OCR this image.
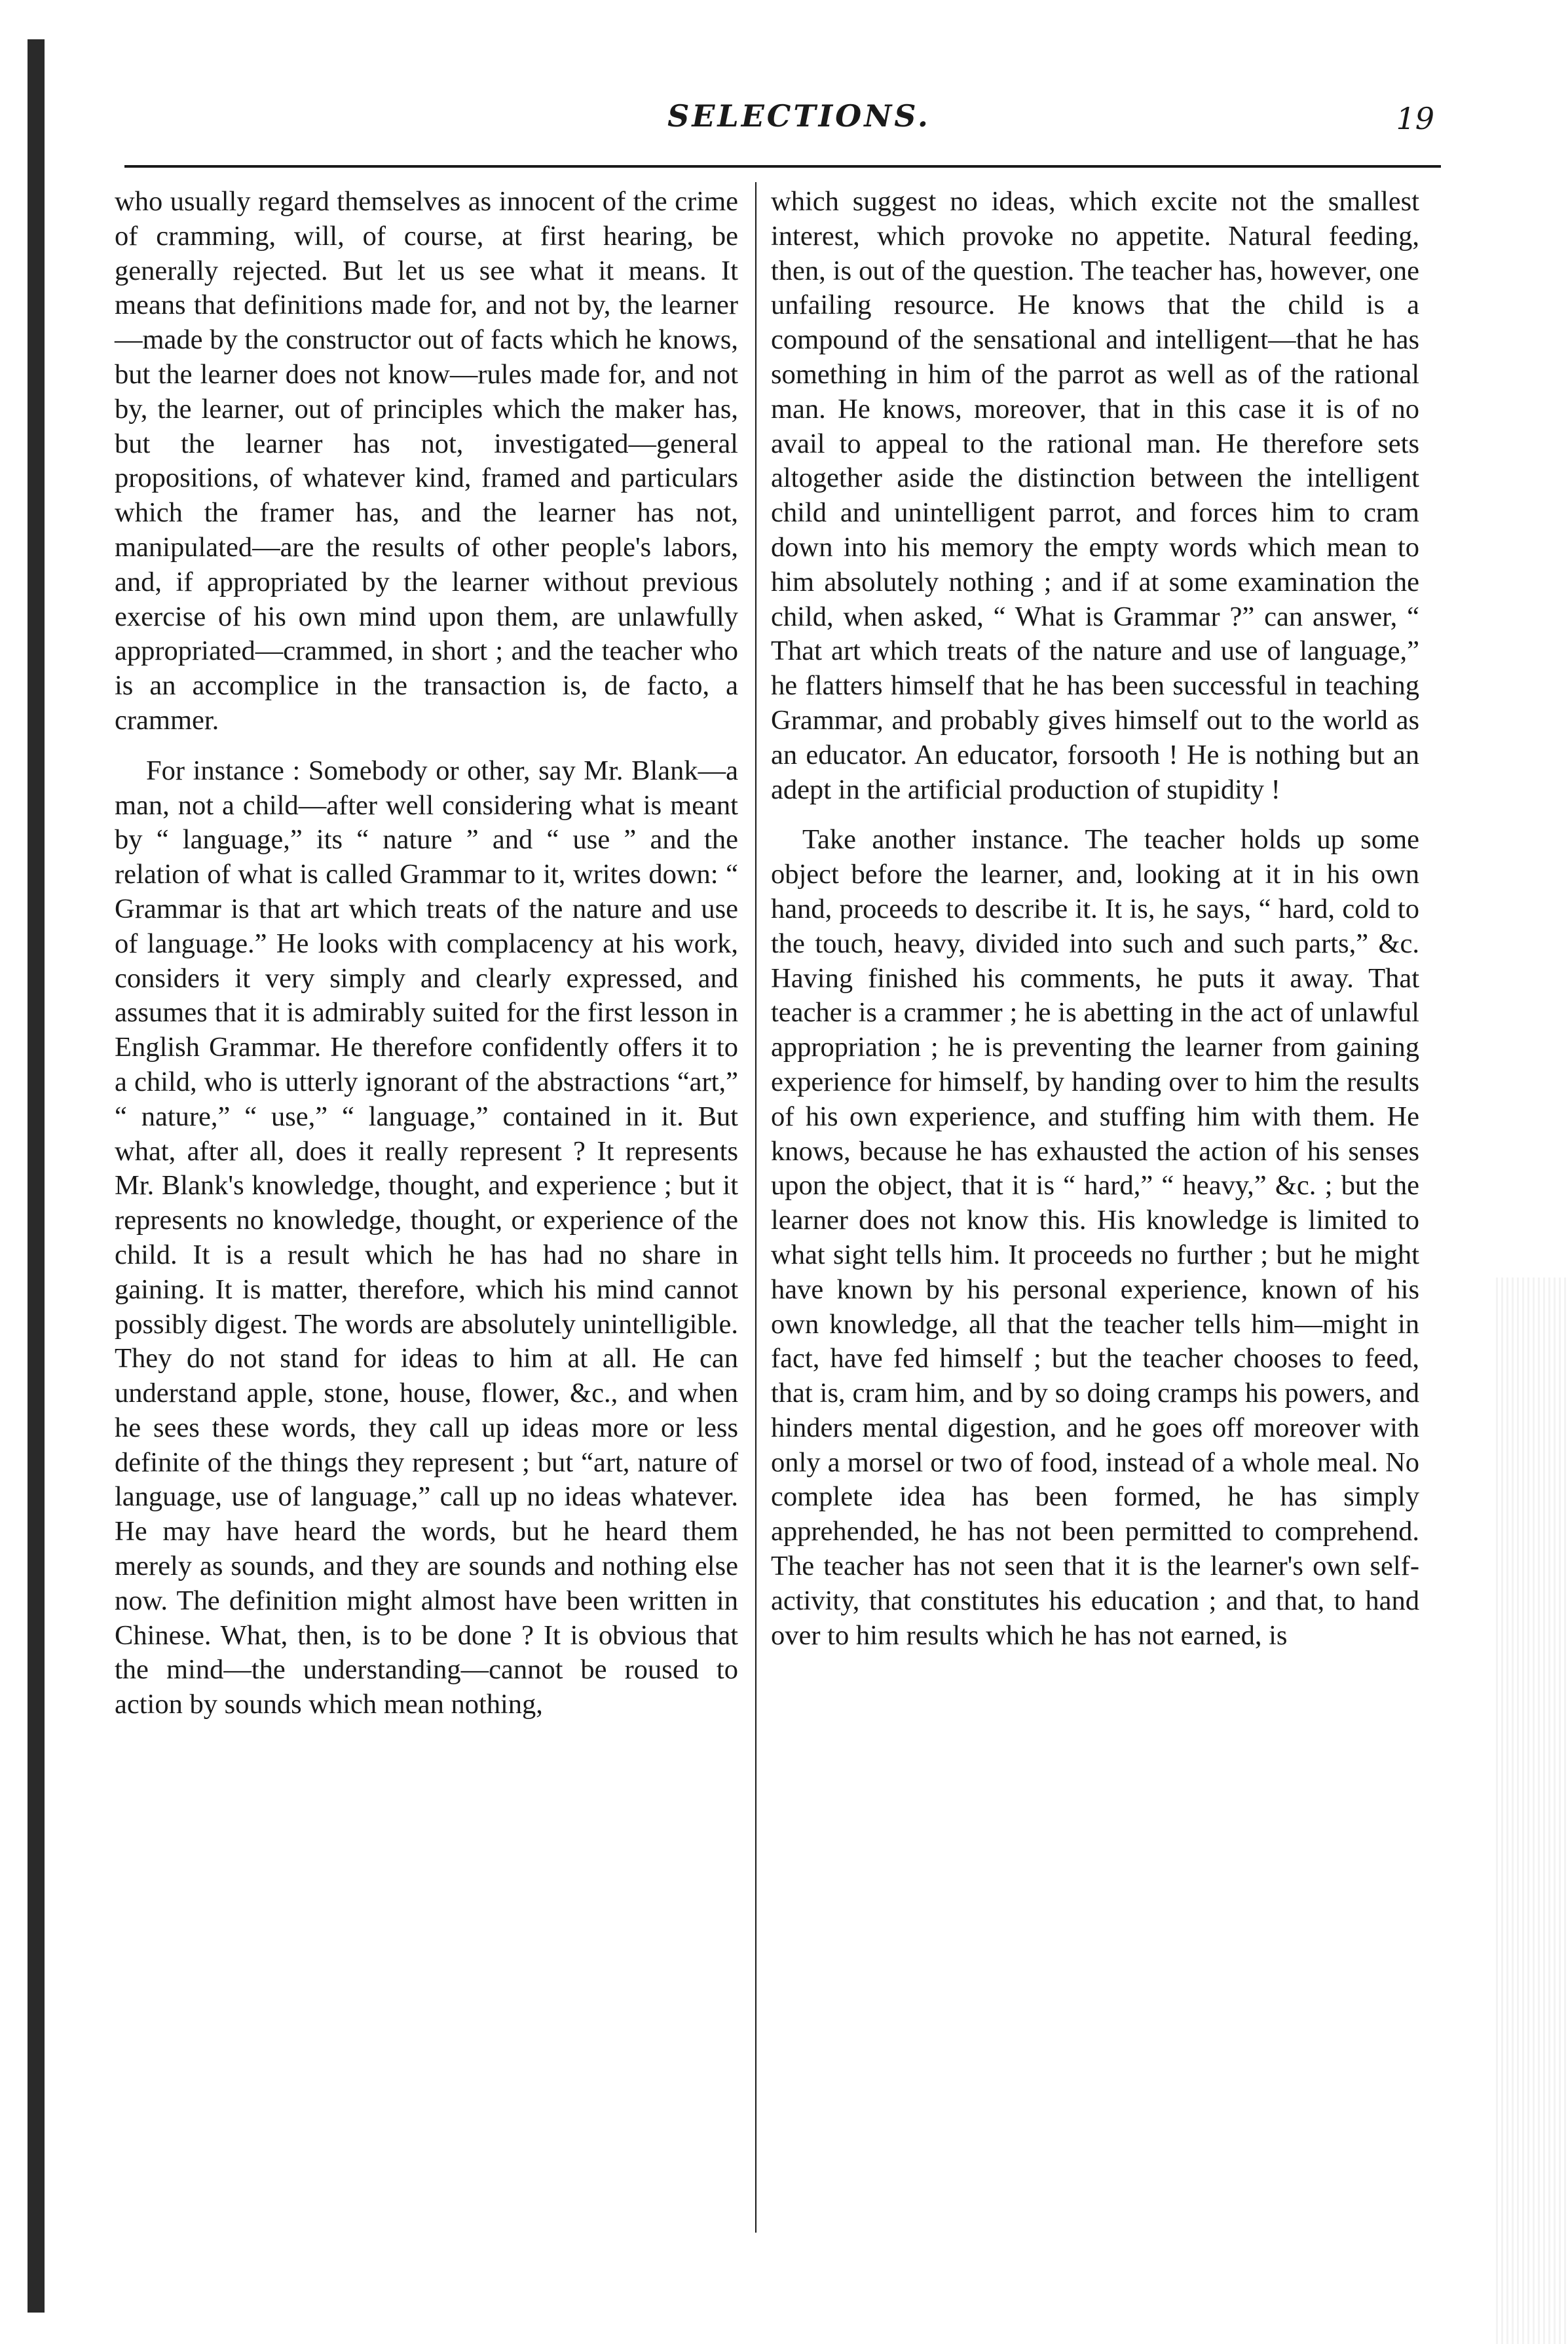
SELECTIONS.	19

who usually regard themselves as innocent of the crime of cramming, will, of course, at first hearing, be generally rejected. But let us see what it means. It means that definitions made for, and not by, the learner—made by the constructor out of facts which he knows, but the learner does not know—rules made for, and not by, the learner, out of principles which the maker has, but the learner has not, investigated—general propositions, of whatever kind, framed and particulars which the framer has, and the learner has not, manipulated—are the results of other people's labors, and, if appropriated by the learner without previous exercise of his own mind upon them, are unlawfully appropriated—crammed, in short ; and the teacher who is an accomplice in the transaction is, de facto, a crammer.

For instance : Somebody or other, say Mr. Blank—a man, not a child—after well considering what is meant by “ language,” its “ nature ” and “ use ” and the relation of what is called Grammar to it, writes down: “ Grammar is that art which treats of the nature and use of language.” He looks with complacency at his work, considers it very simply and clearly expressed, and assumes that it is admirably suited for the first lesson in English Grammar. He therefore confidently offers it to a child, who is utterly ignorant of the abstractions “art,” “ nature,” “ use,” “ language,” contained in it. But what, after all, does it really represent ? It represents Mr. Blank's knowledge, thought, and experience ; but it represents no knowledge, thought, or experience of the child. It is a result which he has had no share in gaining. It is matter, therefore, which his mind cannot possibly digest. The words are absolutely unintelligible. They do not stand for ideas to him at all. He can understand apple, stone, house, flower, &c., and when he sees these words, they call up ideas more or less definite of the things they represent ; but “art, nature of language, use of language,” call up no ideas whatever. He may have heard the words, but he heard them merely as sounds, and they are sounds and nothing else now. The definition might almost have been written in Chinese. What, then, is to be done ? It is obvious that the mind—the understanding—cannot be roused to action by sounds which mean nothing,

which suggest no ideas, which excite not the smallest interest, which provoke no appetite. Natural feeding, then, is out of the question. The teacher has, however, one unfailing resource. He knows that the child is a compound of the sensational and intelligent—that he has something in him of the parrot as well as of the rational man. He knows, moreover, that in this case it is of no avail to appeal to the rational man. He therefore sets altogether aside the distinction between the intelligent child and unintelligent parrot, and forces him to cram down into his memory the empty words which mean to him absolutely nothing ; and if at some examination the child, when asked, “ What is Grammar ?” can answer, “ That art which treats of the nature and use of language,” he flatters himself that he has been successful in teaching Grammar, and probably gives himself out to the world as an educator. An educator, forsooth ! He is nothing but an adept in the artificial production of stupidity !

Take another instance. The teacher holds up some object before the learner, and, looking at it in his own hand, proceeds to describe it. It is, he says, “ hard, cold to the touch, heavy, divided into such and such parts,” &c. Having finished his comments, he puts it away. That teacher is a crammer ; he is abetting in the act of unlawful appropriation ; he is preventing the learner from gaining experience for himself, by handing over to him the results of his own experience, and stuffing him with them. He knows, because he has exhausted the action of his senses upon the object, that it is “ hard,” “ heavy,” &c. ; but the learner does not know this. His knowledge is limited to what sight tells him. It proceeds no further ; but he might have known by his personal experience, known of his own knowledge, all that the teacher tells him—might in fact, have fed himself ; but the teacher chooses to feed, that is, cram him, and by so doing cramps his powers, and hinders mental digestion, and he goes off moreover with only a morsel or two of food, instead of a whole meal. No complete idea has been formed, he has simply apprehended, he has not been permitted to comprehend. The teacher has not seen that it is the learner's own self-activity, that constitutes his education ; and that, to hand over to him results which he has not earned, is
